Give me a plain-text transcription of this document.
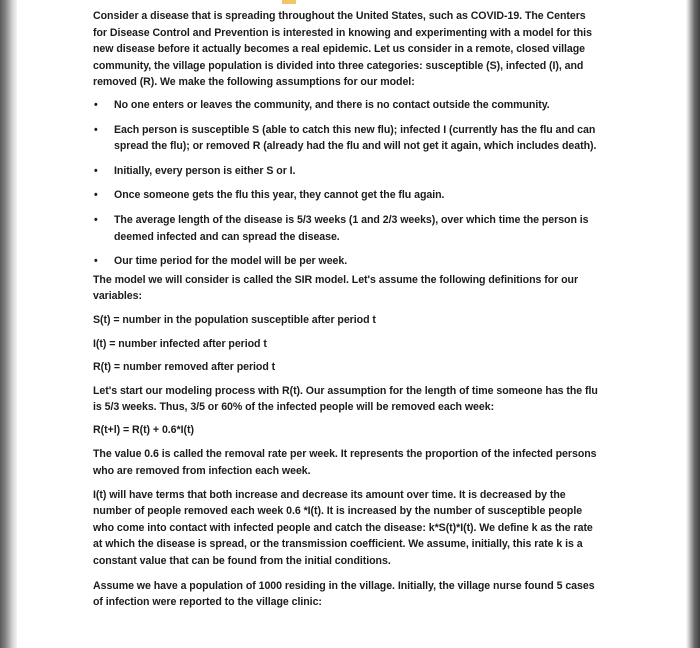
Consider a disease that is spreading throughout the United States, such as COVID-19. The Centers for Disease Control and Prevention is interested in knowing and experimenting with a model for this new disease before it actually becomes a real epidemic. Let us consider in a remote, closed village community, the village population is divided into three categories: susceptible (S), infected (I), and removed (R). We make the following assumptions for our model:

• No one enters or leaves the community, and there is no contact outside the community.
• Each person is susceptible S (able to catch this new flu); infected I (currently has the flu and can spread the flu); or removed R (already had the flu and will not get it again, which includes death).
• Initially, every person is either S or I.
• Once someone gets the flu this year, they cannot get the flu again.
• The average length of the disease is 5/3 weeks (1 and 2/3 weeks), over which time the person is deemed infected and can spread the disease.
• Our time period for the model will be per week.

The model we will consider is called the SIR model. Let's assume the following definitions for our variables:

S(t) = number in the population susceptible after period t

I(t) = number infected after period t

R(t) = number removed after period t

Let's start our modeling process with R(t). Our assumption for the length of time someone has the flu is 5/3 weeks. Thus, 3/5 or 60% of the infected people will be removed each week:

R(t+l) = R(t) + 0.6*I(t)

The value 0.6 is called the removal rate per week. It represents the proportion of the infected persons who are removed from infection each week.

I(t) will have terms that both increase and decrease its amount over time. It is decreased by the number of people removed each week 0.6 *I(t). It is increased by the number of susceptible people who come into contact with infected people and catch the disease: k*S(t)*I(t). We define k as the rate at which the disease is spread, or the transmission coefficient. We assume, initially, this rate k is a constant value that can be found from the initial conditions.

Assume we have a population of 1000 residing in the village. Initially, the village nurse found 5 cases of infection were reported to the village clinic:
